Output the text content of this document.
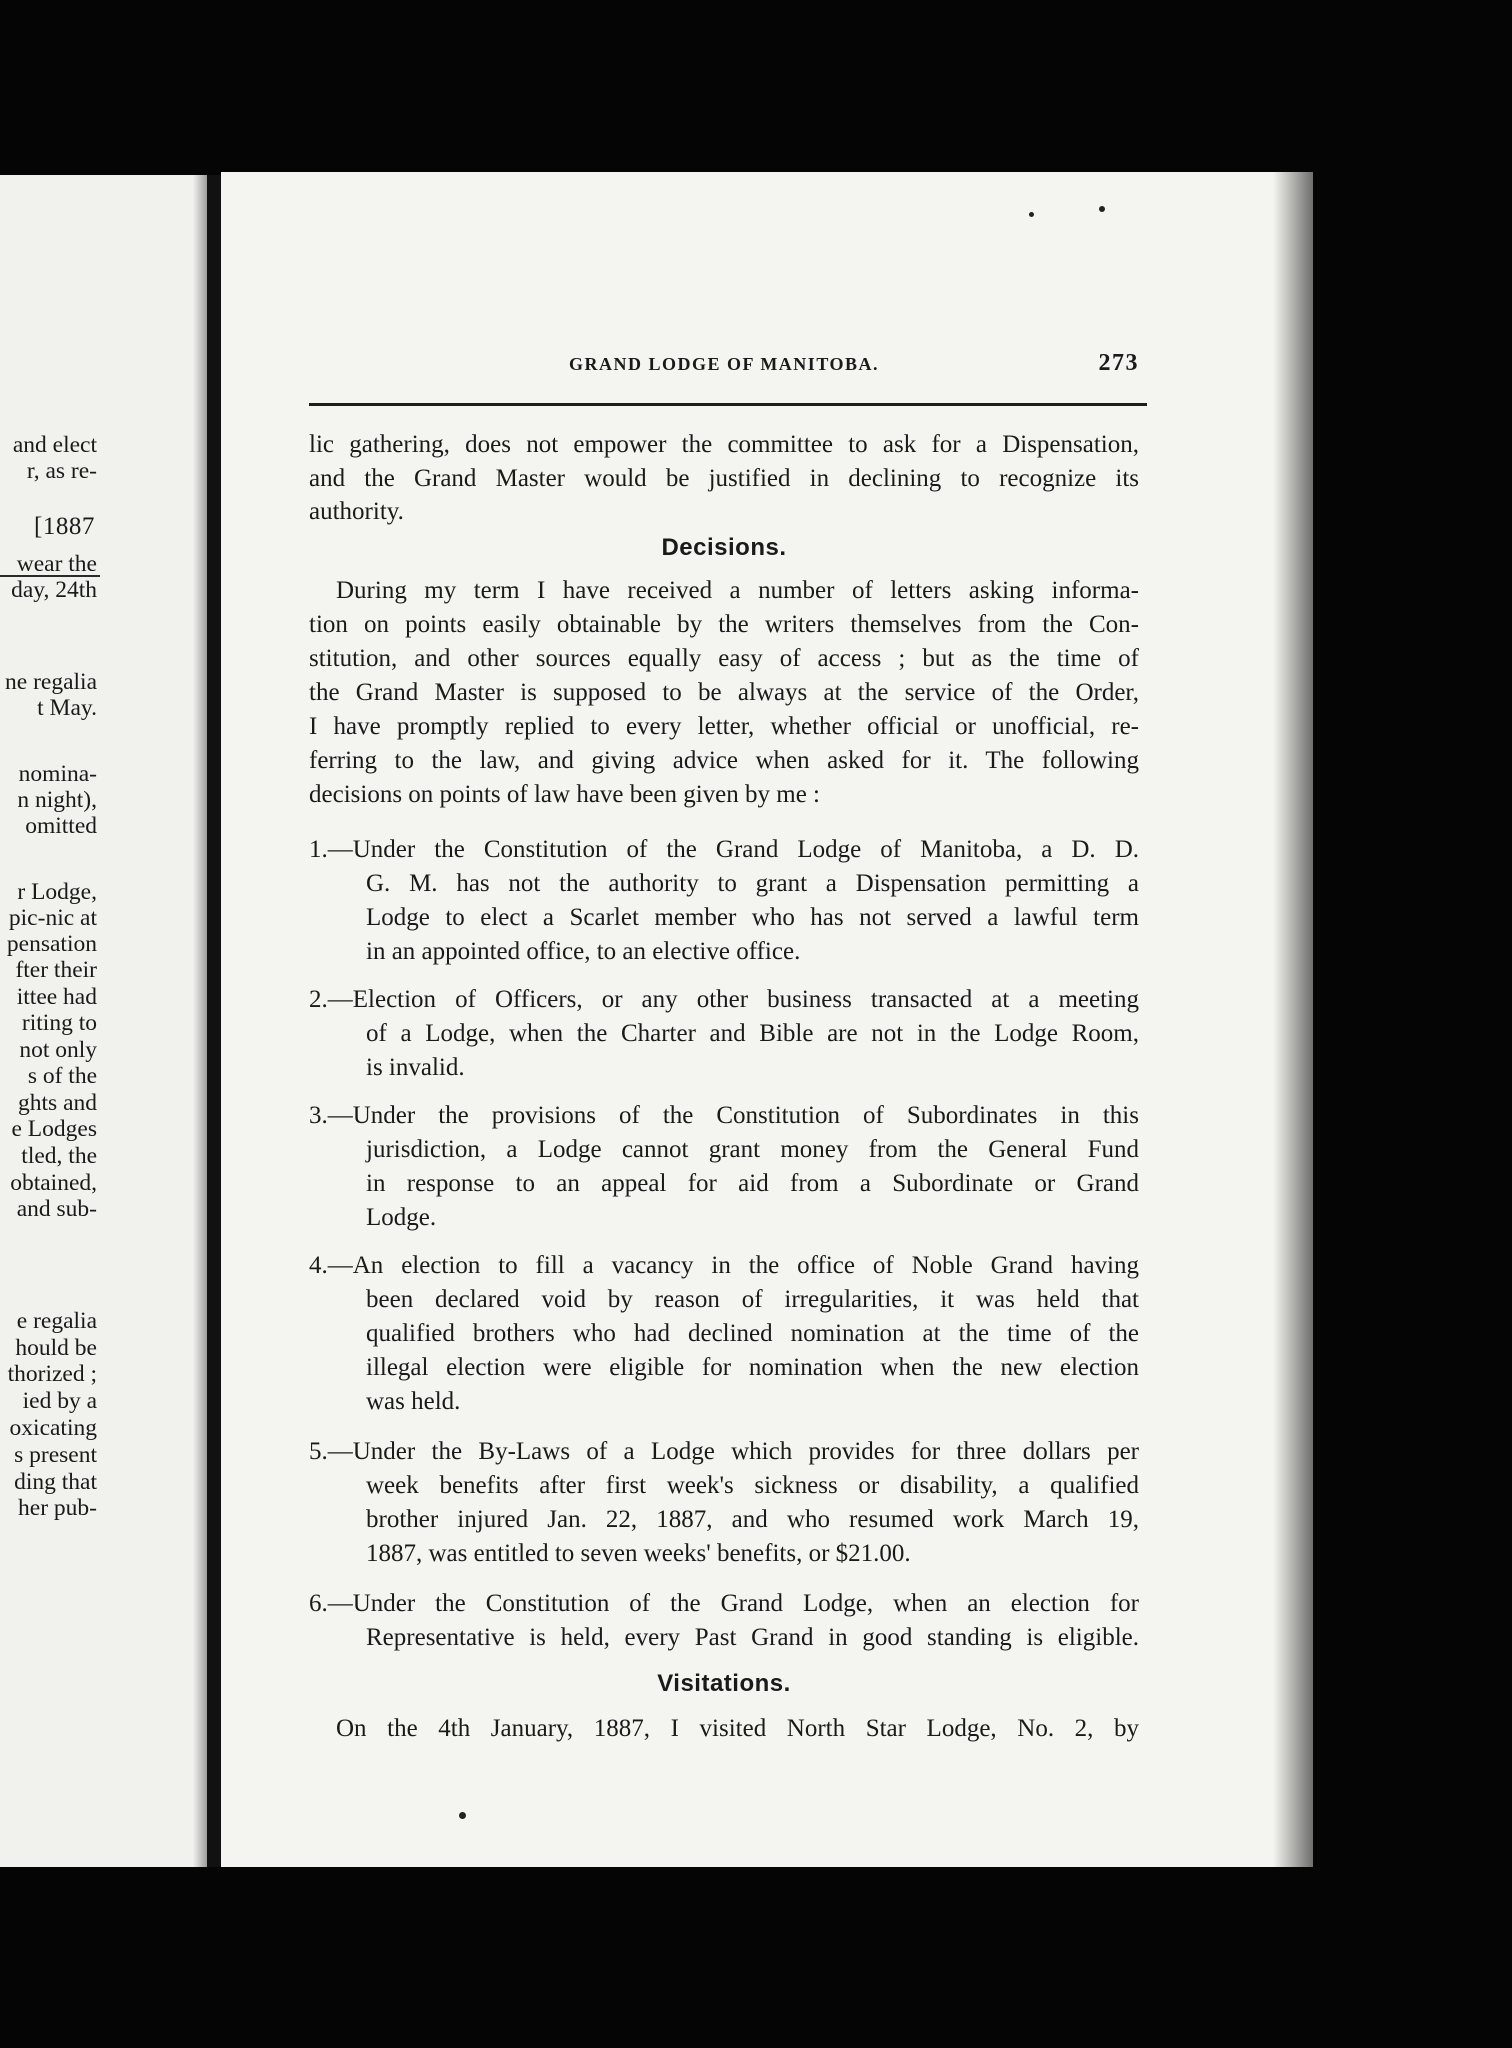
[1887
and elect
r, as re-
wear the
day, 24th
ne regalia
t May.
nomina-
n night),
omitted
r Lodge,
pic-nic at
pensation
fter their
ittee had
riting to
not only
s of the
ghts and
e Lodges
tled, the
obtained,
and sub-
e regalia
hould be
thorized ;
ied by a
oxicating
s present
ding that
her pub-
GRAND LODGE OF MANITOBA.	273
lic gathering, does not empower the committee to ask for a Dispensation,
and the Grand Master would be justified in declining to recognize its
authority.
Decisions.
During my term I have received a number of letters asking informa-
tion on points easily obtainable by the writers themselves from the Con-
stitution, and other sources equally easy of access ; but as the time of
the Grand Master is supposed to be always at the service of the Order,
I have promptly replied to every letter, whether official or unofficial, re-
ferring to the law, and giving advice when asked for it. The following
decisions on points of law have been given by me :
1.—Under the Constitution of the Grand Lodge of Manitoba, a D. D.
G. M. has not the authority to grant a Dispensation permitting a
Lodge to elect a Scarlet member who has not served a lawful term
in an appointed office, to an elective office.
2.—Election of Officers, or any other business transacted at a meeting
of a Lodge, when the Charter and Bible are not in the Lodge Room,
is invalid.
3.—Under the provisions of the Constitution of Subordinates in this
jurisdiction, a Lodge cannot grant money from the General Fund
in response to an appeal for aid from a Subordinate or Grand
Lodge.
4.—An election to fill a vacancy in the office of Noble Grand having
been declared void by reason of irregularities, it was held that
qualified brothers who had declined nomination at the time of the
illegal election were eligible for nomination when the new election
was held.
5.—Under the By-Laws of a Lodge which provides for three dollars per
week benefits after first week's sickness or disability, a qualified
brother injured Jan. 22, 1887, and who resumed work March 19,
1887, was entitled to seven weeks' benefits, or $21.00.
6.—Under the Constitution of the Grand Lodge, when an election for
Representative is held, every Past Grand in good standing is eligible.
Visitations.
On the 4th January, 1887, I visited North Star Lodge, No. 2, by
